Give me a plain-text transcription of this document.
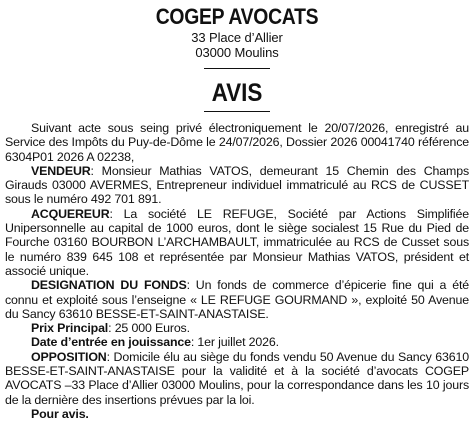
COGEP AVOCATS
33 Place d’Allier
03000 Moulins
AVIS

Suivant acte sous seing privé électroniquement le 20/07/2026, enregistré au Service des Impôts du Puy-de-Dôme le 24/07/2026, Dossier 2026 00041740 référence 6304P01 2026 A 02238,

VENDEUR: Monsieur Mathias VATOS, demeurant 15 Chemin des Champs Girauds 03000 AVERMES, Entrepreneur individuel immatriculé au RCS de CUSSET sous le numéro 492 701 891.

ACQUEREUR: La société LE REFUGE, Société par Actions Simplifiée Unipersonnelle au capital de 1000 euros, dont le siège socialest 15 Rue du Pied de Fourche 03160 BOURBON L’ARCHAMBAULT, immatriculée au RCS de Cusset sous le numéro 839 645 108 et représentée par Monsieur Mathias VATOS, président et associé unique.

DESIGNATION DU FONDS: Un fonds de commerce d’épicerie fine qui a été connu et exploité sous l’enseigne « LE REFUGE GOURMAND », exploité 50 Avenue du Sancy 63610 BESSE-ET-SAINT-ANASTAISE.

Prix Principal: 25 000 Euros.

Date d’entrée en jouissance: 1er juillet 2026.

OPPOSITION: Domicile élu au siège du fonds vendu 50 Avenue du Sancy 63610 BESSE-ET-SAINT-ANASTAISE pour la validité et à la société d’avocats COGEP AVOCATS –33 Place d’Allier 03000 Moulins, pour la correspondance dans les 10 jours de la dernière des insertions prévues par la loi.

Pour avis.
